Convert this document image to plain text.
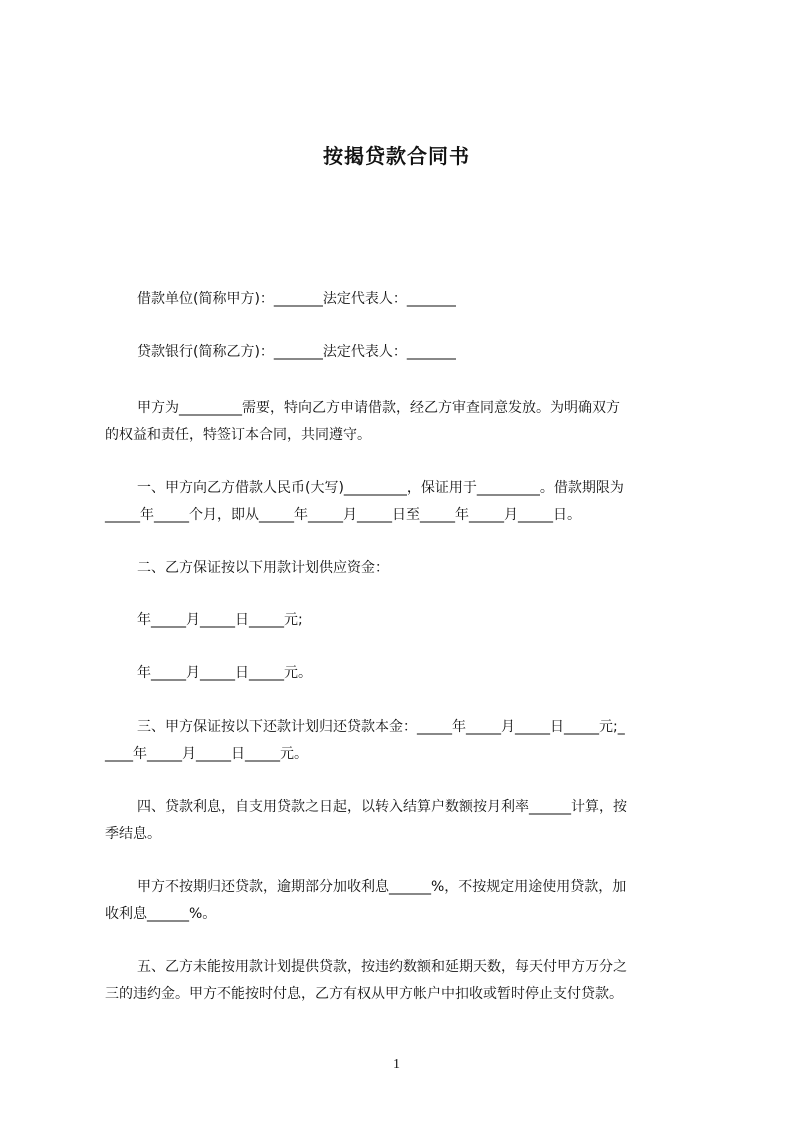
按揭贷款合同书
借款单位(简称甲方)：_______法定代表人：_______
贷款银行(简称乙方)：_______法定代表人：_______
甲方为_________需要，特向乙方申请借款，经乙方审查同意发放。为明确双方
的权益和责任，特签订本合同，共同遵守。
一、甲方向乙方借款人民币(大写)_________，保证用于_________。借款期限为
_____年_____个月，即从_____年_____月_____日至_____年_____月_____日。
二、乙方保证按以下用款计划供应资金：
年_____月_____日_____元;
年_____月_____日_____元。
三、甲方保证按以下还款计划归还贷款本金：_____年_____月_____日_____元;_
____年_____月_____日_____元。
四、贷款利息，自支用贷款之日起，以转入结算户数额按月利率______计算，按
季结息。
甲方不按期归还贷款，逾期部分加收利息______%，不按规定用途使用贷款，加
收利息______%。
五、乙方未能按用款计划提供贷款，按违约数额和延期天数，每天付甲方万分之
三的违约金。甲方不能按时付息，乙方有权从甲方帐户中扣收或暂时停止支付贷款。
1
